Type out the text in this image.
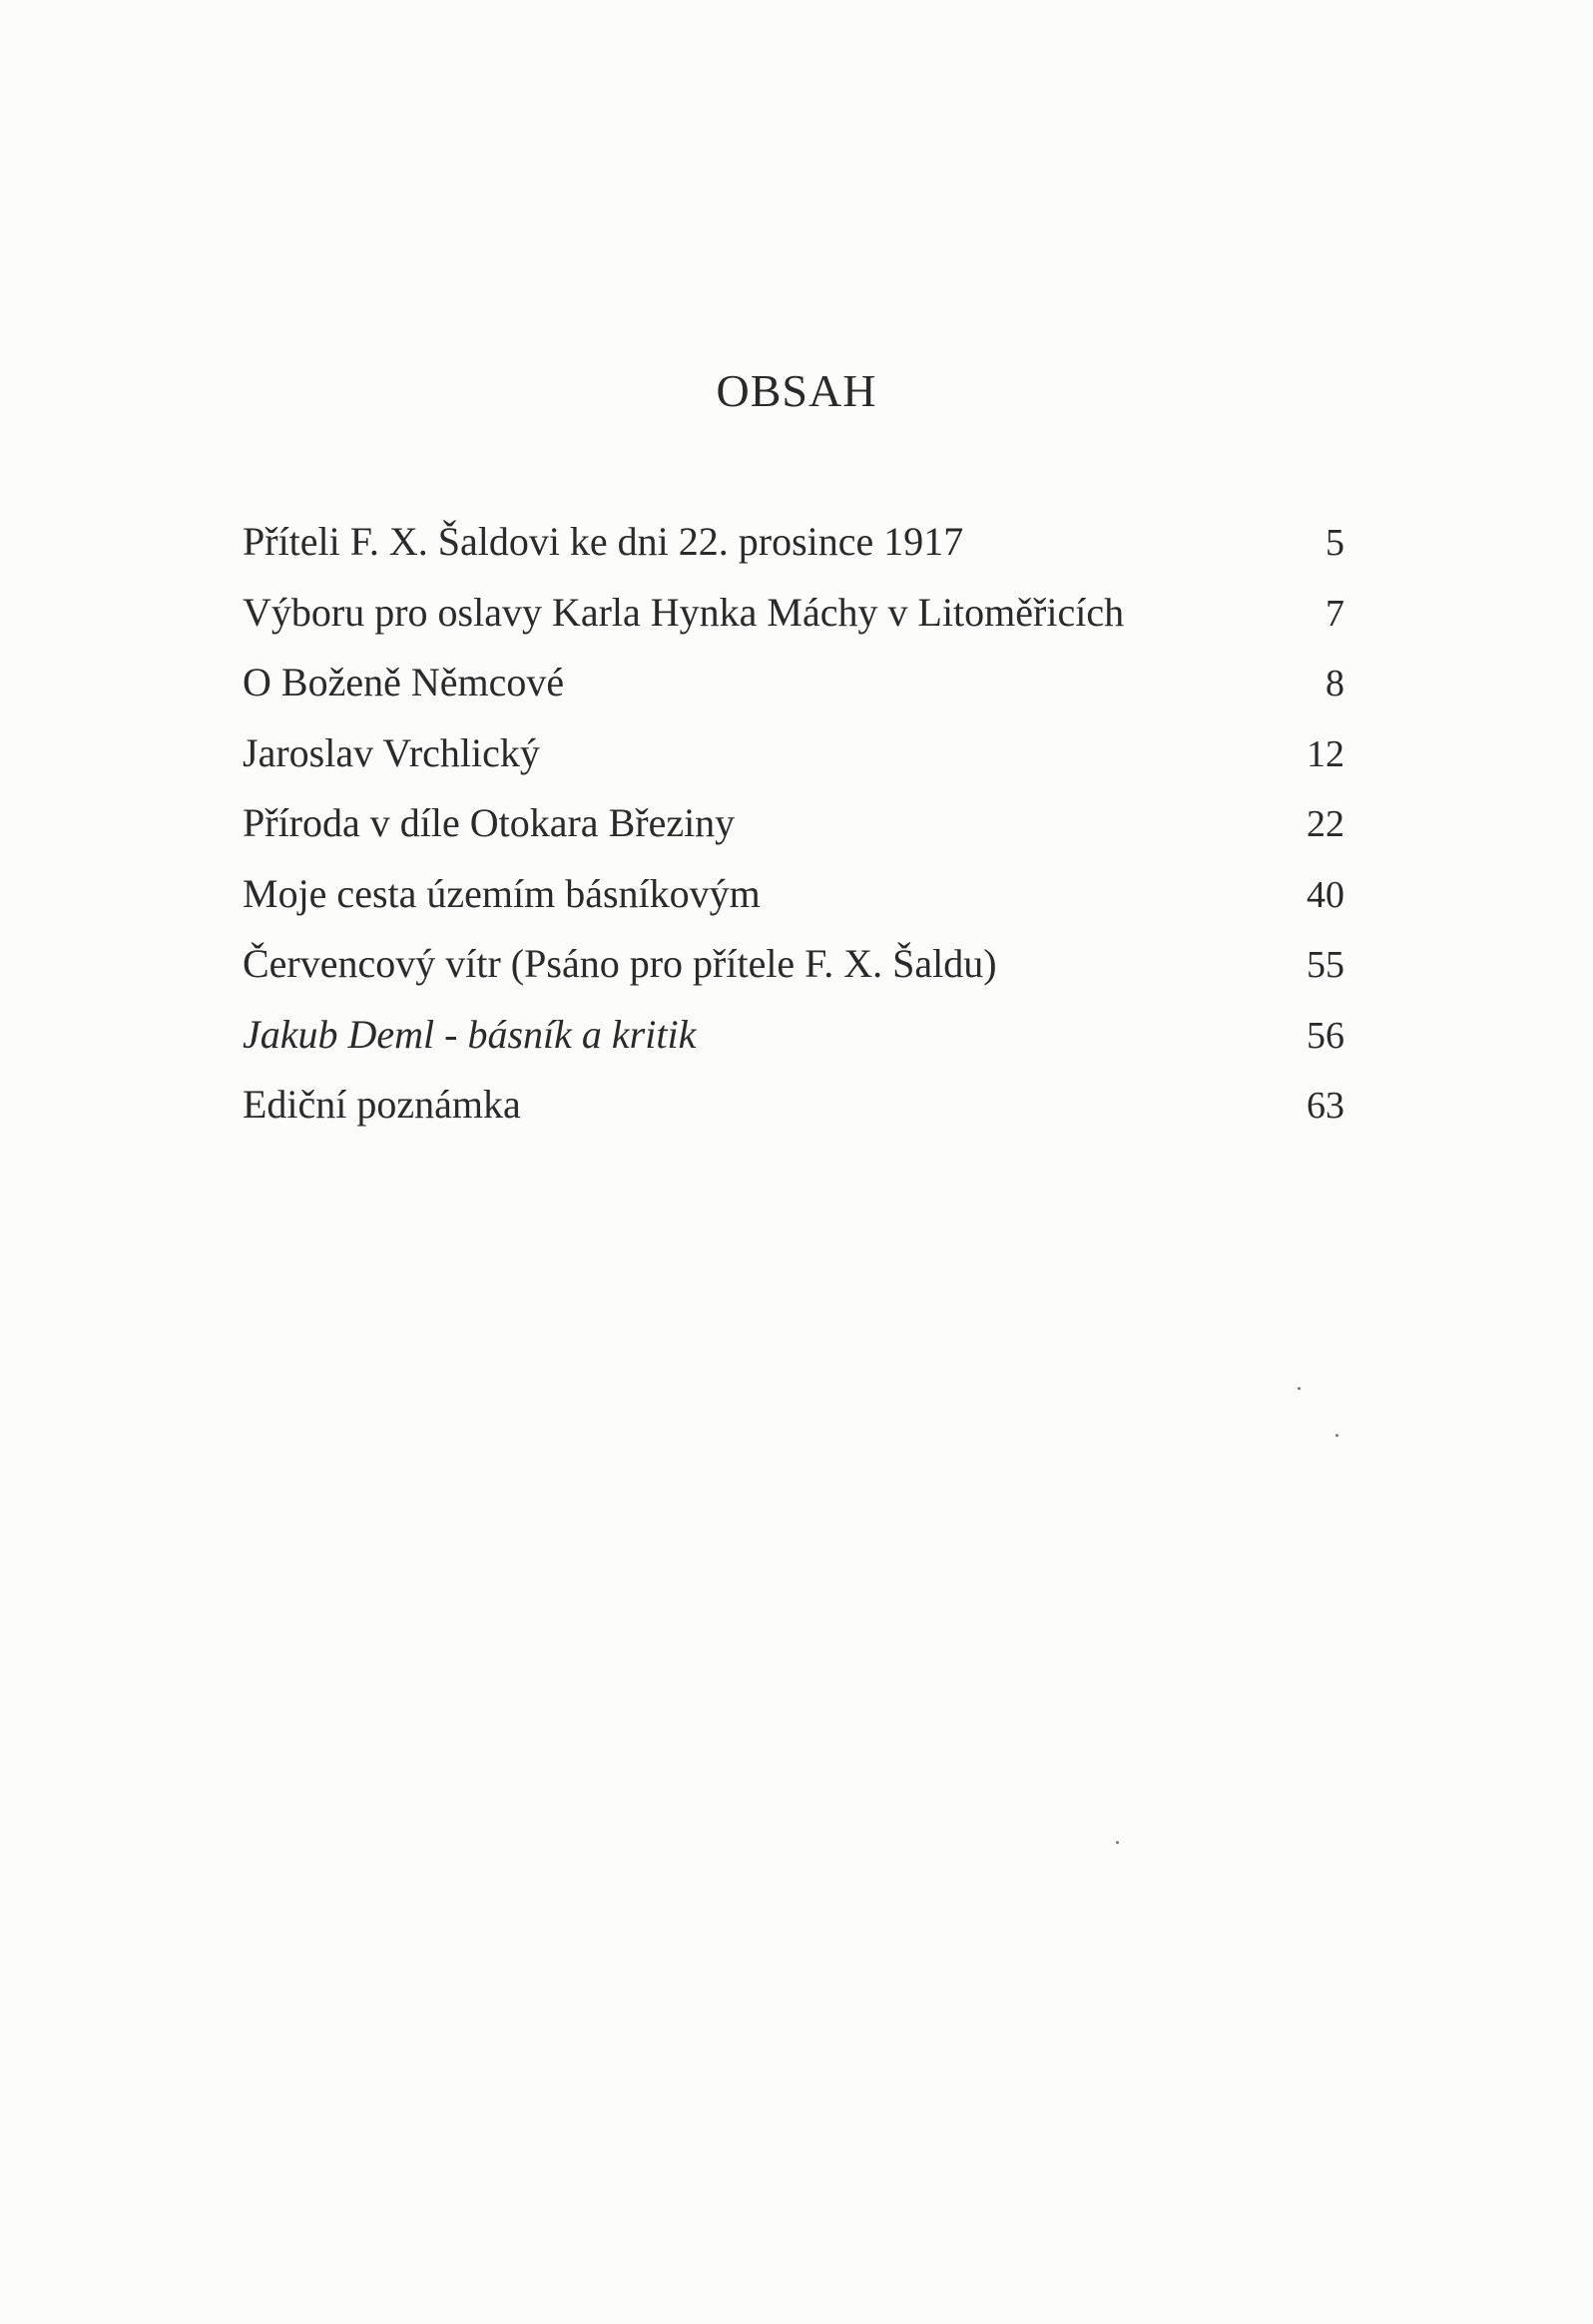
OBSAH
Příteli F. X. Šaldovi ke dni 22. prosince 1917	5
Výboru pro oslavy Karla Hynka Máchy v Litoměřicích	7
O Boženě Němcové	8
Jaroslav Vrchlický	12
Příroda v díle Otokara Březiny	22
Moje cesta územím básníkovým	40
Červencový vítr (Psáno pro přítele F. X. Šaldu)	55
Jakub Deml - básník a kritik	56
Ediční poznámka	63
